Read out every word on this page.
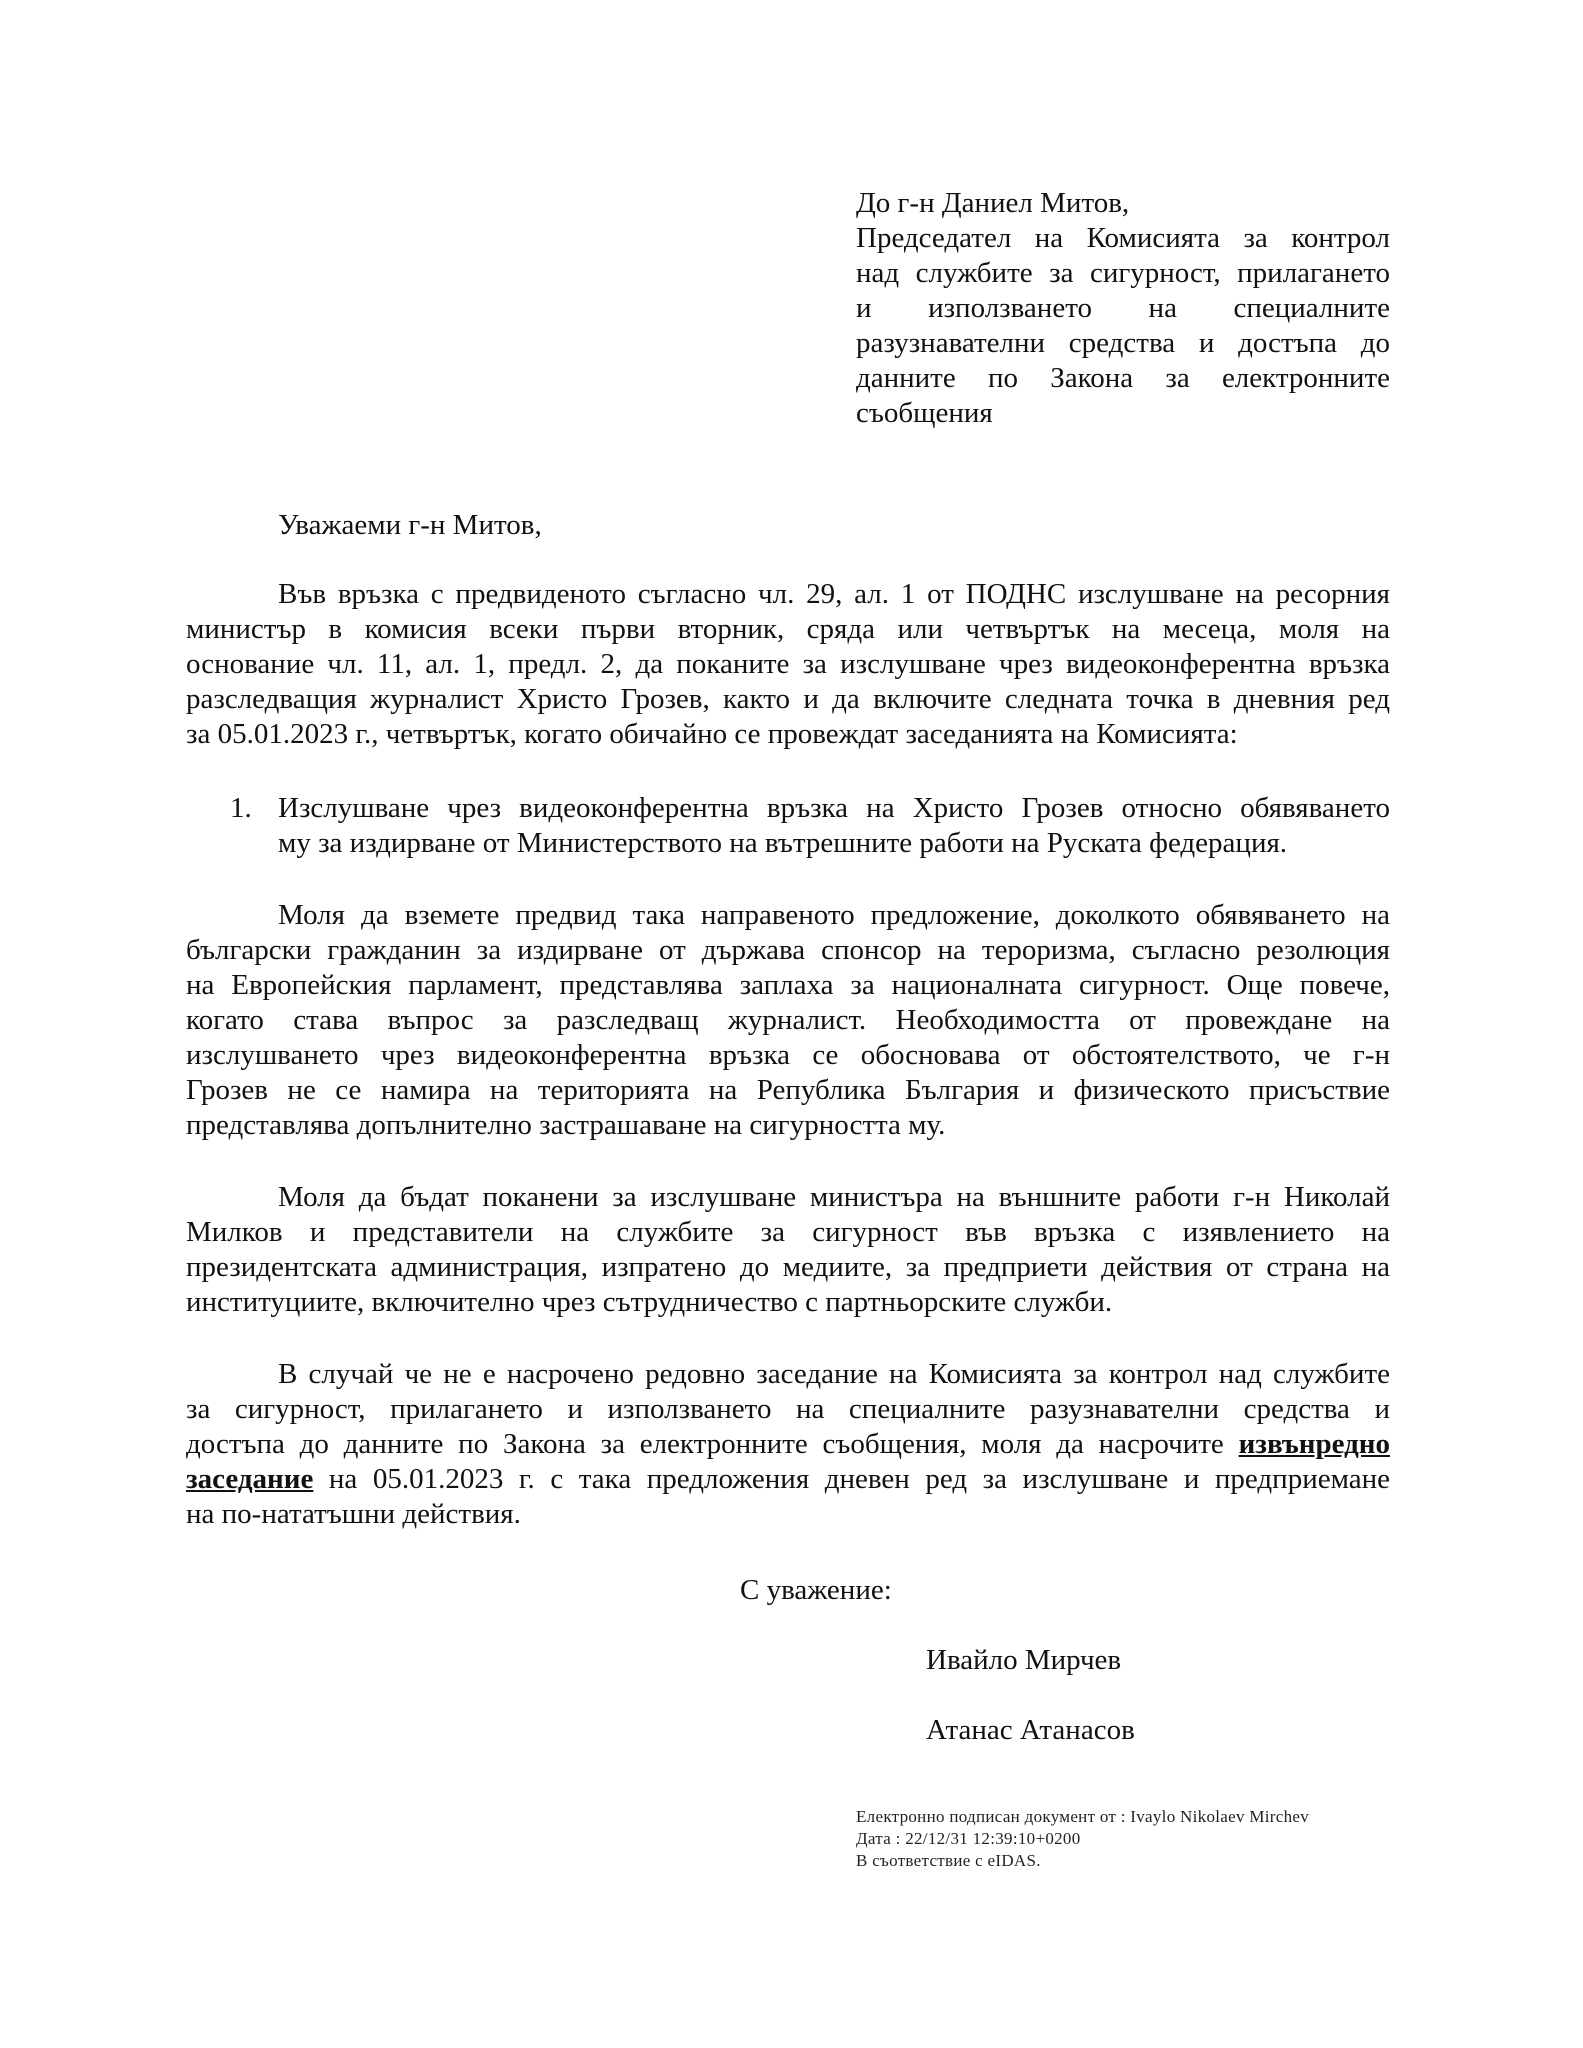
До г-н Даниел Митов,
Председател на Комисията за контрол
над службите за сигурност, прилагането
и използването на специалните
разузнавателни средства и достъпа до
данните по Закона за електронните
съобщения
Уважаеми г-н Митов,
Във връзка с предвиденото съгласно чл. 29, ал. 1 от ПОДНС изслушване на ресорния
министър в комисия всеки първи вторник, сряда или четвъртък на месеца, моля на
основание чл. 11, ал. 1, предл. 2, да поканите за изслушване чрез видеоконферентна връзка
разследващия журналист Христо Грозев, както и да включите следната точка в дневния ред
за 05.01.2023 г., четвъртък, когато обичайно се провеждат заседанията на Комисията:
1. Изслушване чрез видеоконферентна връзка на Христо Грозев относно обявяването
му за издирване от Министерството на вътрешните работи на Руската федерация.
Моля да вземете предвид така направеното предложение, доколкото обявяването на
български гражданин за издирване от държава спонсор на тероризма, съгласно резолюция
на Европейския парламент, представлява заплаха за националната сигурност. Още повече,
когато става въпрос за разследващ журналист. Необходимостта от провеждане на
изслушването чрез видеоконферентна връзка се обосновава от обстоятелството, че г-н
Грозев не се намира на територията на Република България и физическото присъствие
представлява допълнително застрашаване на сигурността му.
Моля да бъдат поканени за изслушване министъра на външните работи г-н Николай
Милков и представители на службите за сигурност във връзка с изявлението на
президентската администрация, изпратено до медиите, за предприети действия от страна на
институциите, включително чрез сътрудничество с партньорските служби.
В случай че не е насрочено редовно заседание на Комисията за контрол над службите
за сигурност, прилагането и използването на специалните разузнавателни средства и
достъпа до данните по Закона за електронните съобщения, моля да насрочите извънредно
заседание на 05.01.2023 г. с така предложения дневен ред за изслушване и предприемане
на по-нататъшни действия.
С уважение:
Ивайло Мирчев
Атанас Атанасов
Електронно подписан документ от : Ivaylo Nikolaev Mirchev
Дата : 22/12/31 12:39:10+0200
В съответствие с eIDAS.
